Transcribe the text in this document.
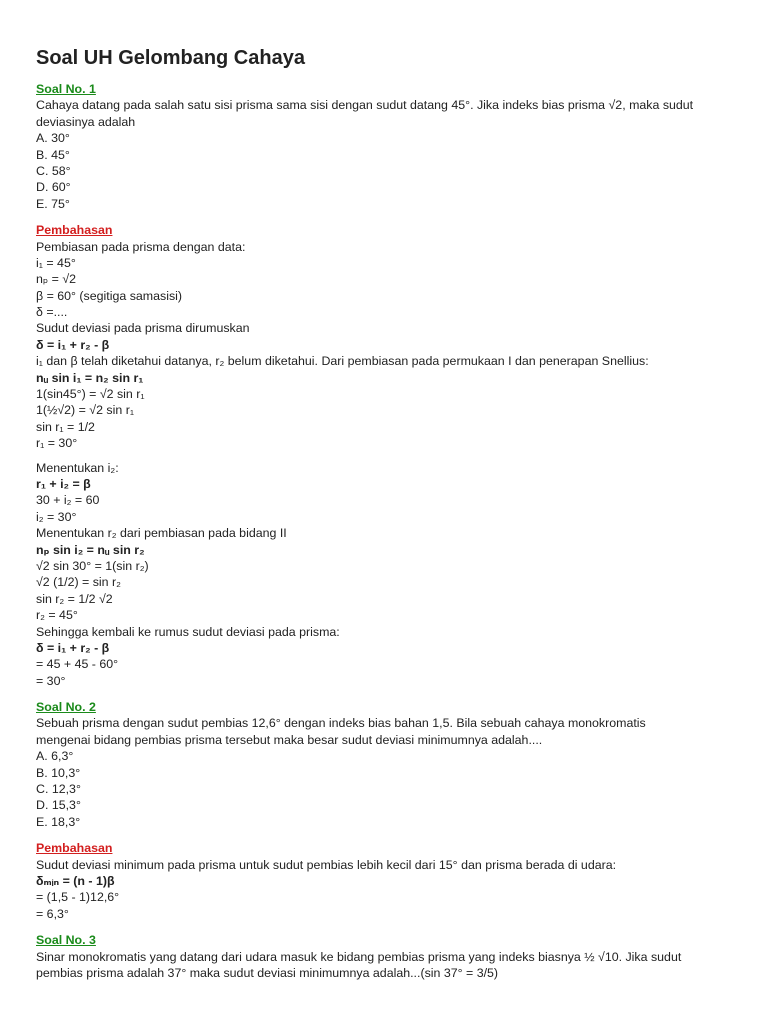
Soal UH Gelombang Cahaya
Soal No. 1
Cahaya datang pada salah satu sisi prisma sama sisi dengan sudut datang 45°. Jika indeks bias prisma √2, maka sudut
deviasinya adalah
A. 30°
B. 45°
C. 58°
D. 60°
E. 75°
Pembahasan
Pembiasan pada prisma dengan data:
i₁ = 45°
nₚ = √2
β = 60° (segitiga samasisi)
δ =....
Sudut deviasi pada prisma dirumuskan
δ = i₁ + r₂ - β
i₁ dan β telah diketahui datanya, r₂ belum diketahui. Dari pembiasan pada permukaan I dan penerapan Snellius:
nᵤ sin i₁ = n₂ sin r₁
1(sin45°) = √2 sin r₁
1(½√2) = √2 sin r₁
sin r₁ = 1/2
r₁ = 30°
Menentukan i₂:
r₁ + i₂ = β
30 + i₂ = 60
i₂ = 30°
Menentukan r₂ dari pembiasan pada bidang II
nₚ sin i₂ = nᵤ sin r₂
√2 sin 30° = 1(sin r₂)
√2 (1/2) = sin r₂
sin r₂ = 1/2 √2
r₂ = 45°
Sehingga kembali ke rumus sudut deviasi pada prisma:
δ = i₁ + r₂ - β
= 45 + 45 - 60°
= 30°
Soal No. 2
Sebuah prisma dengan sudut pembias 12,6° dengan indeks bias bahan 1,5. Bila sebuah cahaya monokromatis
mengenai bidang pembias prisma tersebut maka besar sudut deviasi minimumnya adalah....
A. 6,3°
B. 10,3°
C. 12,3°
D. 15,3°
E. 18,3°
Pembahasan
Sudut deviasi minimum pada prisma untuk sudut pembias lebih kecil dari 15° dan prisma berada di udara:
δₘᵢₙ = (n - 1)β
= (1,5 - 1)12,6°
= 6,3°
Soal No. 3
Sinar monokromatis yang datang dari udara masuk ke bidang pembias prisma yang indeks biasnya ½ √10. Jika sudut
pembias prisma adalah 37° maka sudut deviasi minimumnya adalah...(sin 37° = 3/5)
